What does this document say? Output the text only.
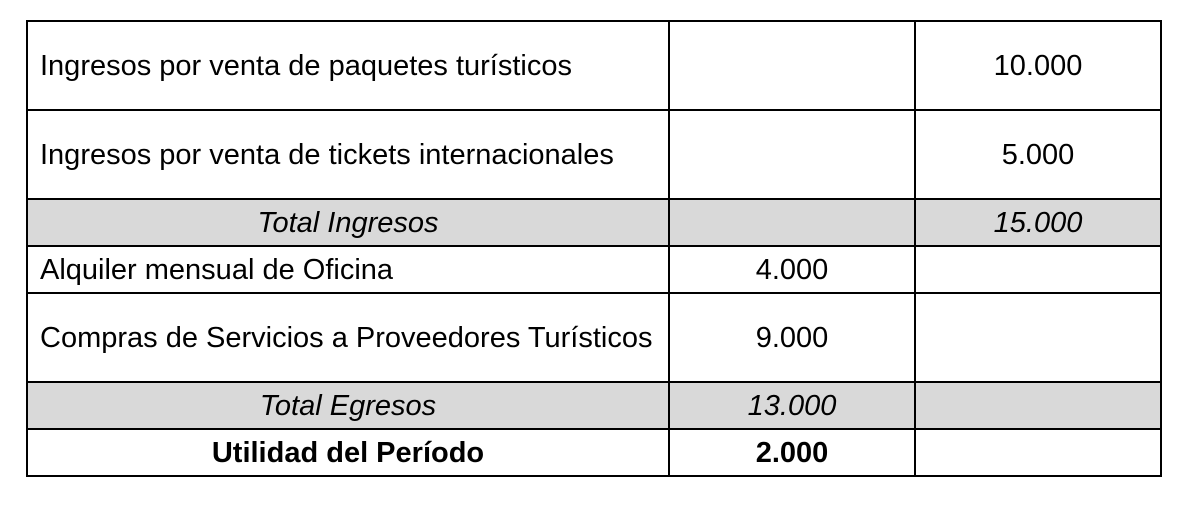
Ingresos por venta de paquetes turísticos		10.000
Ingresos por venta de tickets internacionales		5.000
Total Ingresos		15.000
Alquiler mensual de Oficina	4.000	
Compras de Servicios a Proveedores Turísticos	9.000	
Total Egresos	13.000	
Utilidad del Período	2.000	
